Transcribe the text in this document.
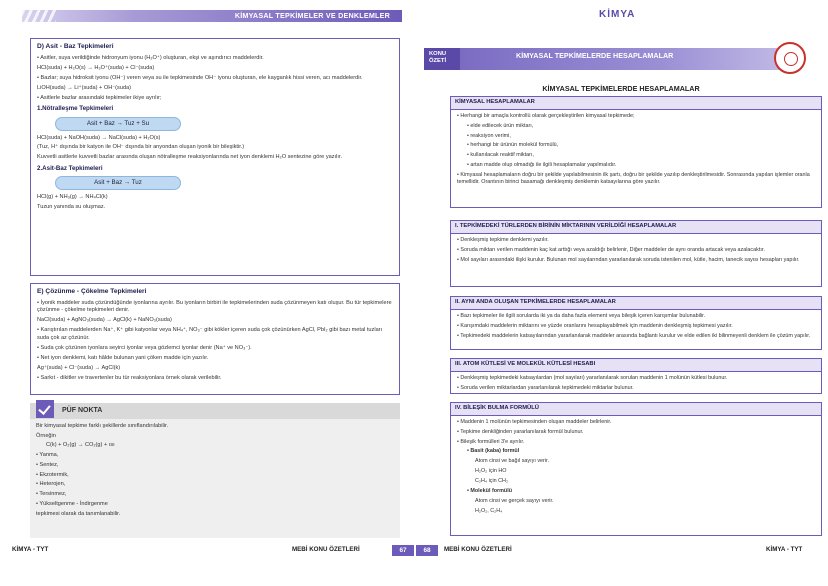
KİMYASAL TEPKİMELER VE DENKLEMLER
D) Asit - Baz Tepkimeleri

• Asitler, suya verildiğinde hidronyum iyonu (H₃O⁺) oluşturan, ekşi ve aşındırıcı maddelerdir.

HCl(suda) + H₂O(s) → H₃O⁺(suda) + Cl⁻(suda)

• Bazlar; suya hidroksit iyonu (OH⁻) veren veya su ile tepkimesinde OH⁻ iyonu oluşturan, ele kayganlık hissi veren, acı maddelerdir.

LiOH(suda) → Li⁺(suda) + OH⁻(suda)

• Asitlerle bazlar arasındaki tepkimeler ikiye ayrılır;

1.Nötralleşme Tepkimeleri
Asit + Baz → Tuz + Su

HCl(suda) + NaOH(suda) → NaCl(suda) + H₂O(s)

(Tuz, H⁺ dışında bir katyon ile OH⁻ dışında bir anyondan oluşan iyonik bir bileşiktir.)

Kuvvetli asitlerle kuvvetli bazlar arasında oluşan nötralleşme reaksiyonlarında net iyon denklemi H₂O sentezine göre yazılır.

2.Asit-Baz Tepkimeleri
Asit + Baz → Tuz

HCl(g) + NH₃(g) → NH₄Cl(k)

Tuzun yanında su oluşmaz.

E) Çözünme - Çökelme Tepkimeleri

• İyonik maddeler suda çözündüğünde iyonlarına ayrılır. Bu iyonların birbiri ile tepkimelerinden suda çözünmeyen katı oluşur. Bu tür tepkimelere çözünme - çökelme tepkimeleri denir.

NaCl(suda) + AgNO₃(suda) → AgCl(k) + NaNO₃(suda)

• Karıştırılan maddelerden Na⁺, K⁺ gibi katyonlar veya NH₄⁺, NO₃⁻ gibi kökler içeren suda çok çözünürken AgCl, PbI₂ gibi bazı metal tuzları suda çok az çözünür.

• Suda çok çözünen iyonlara seyirci iyonlar veya gözlemci iyonlar denir (Na⁺ ve NO₃⁻).

• Net iyon denklemi, katı hâlde bulunan yani çöken madde için yazılır.

Ag⁺(suda) + Cl⁻(suda) → AgCl(k)

• Sarkıt - dikitler ve travertenler bu tür reaksiyonlara örnek olarak verilebilir.

PÜF NOKTA

Bir kimyasal tepkime farklı şekillerde sınıflandırılabilir.

Örneğin

C(k) + O₂(g) → CO₂(g) + ısı

• Yanma,

• Sentez,

• Ekzotermik,

• Heterojen,

• Tersinmez,

• Yükseltgenme - İndirgenme

tepkimesi olarak da tanımlanabilir.

KİMYA - TYT	MEBİ KONU ÖZETLERİ	67
KİMYA
KİMYASAL TEPKİMELERDE HESAPLAMALAR
KONU ÖZETİ
KİMYASAL TEPKİMELERDE HESAPLAMALAR
KİMYASAL HESAPLAMALAR

• Herhangi bir amaçla kontrollü olarak gerçekleştirilen kimyasal tepkimede;

• elde edilecek ürün miktarı,

• reaksiyon verimi,

• herhangi bir ürünün molekül formülü,

• kullanılacak reaktif miktarı,

• artan madde olup olmadığı ile ilgili hesaplamalar yapılmalıdır.

• Kimyasal hesaplamaların doğru bir şekilde yapılabilmesinin ilk şartı, doğru bir şekilde yazılıp denkleştirilmesidir. Sonrasında yapılan işlemler oranla temellidir. Orantının birinci basamağı denkleşmiş denklemin katsayılarına göre yazılır.

I. TEPKİMEDEKİ TÜRLERDEN BİRİNİN MİKTARININ VERİLDİĞİ HESAPLAMALAR

• Denkleşmiş tepkime denklemi yazılır.

• Soruda miktarı verilen maddenin kaç kat arttığı veya azaldığı belirlenir, Diğer maddeler de aynı oranda artacak veya azalacaktır.

• Mol sayıları arasındaki ilişki kurulur. Bulunan mol sayılarından yararlanılarak soruda istenilen mol, kütle, hacim, tanecik sayısı hesapları yapılır.

II. AYNI ANDA OLUŞAN TEPKİMELERDE HESAPLAMALAR

• Bazı tepkimeler ile ilgili sorularda iki ya da daha fazla element veya bileşik içeren karışımlar bulunabilir.

• Karışımdaki maddelerin miktarını ve yüzde oranlarını hesaplayabilmek için maddenin denkleşmiş tepkimesi yazılır.

• Tepkimedeki maddelerin katsayılarından yararlanılarak maddeler arasında bağlantı kurulur ve elde edilen iki bilinmeyenli denklem ile çözüm yapılır.

III. ATOM KÜTLESİ VE MOLEKÜL KÜTLESİ HESABI

• Denkleşmiş tepkimedeki katsayılardan (mol sayıları) yararlanılarak sorulan maddenin 1 molünün kütlesi bulunur.

• Soruda verilen miktarlardan yararlanılarak tepkimedeki miktarlar bulunur.

IV. BİLEŞİK BULMA FORMÜLÜ

• Maddenin 1 molünün tepkimesinden oluşan maddeler belirlenir.

• Tepkime denkliğinden yararlanılarak formül bulunur.

• Bileşik formülleri 3'e ayrılır.

• Basit (kaba) formül

Atom cinsi ve bağıl sayıyı verir.

H₂O₂ için HO

C₂H₄ için CH₂

• Molekül formülü

Atom cinsi ve gerçek sayıyı verir.

H₂O₂, C₂H₄

68	MEBİ KONU ÖZETLERİ	KİMYA - TYT
